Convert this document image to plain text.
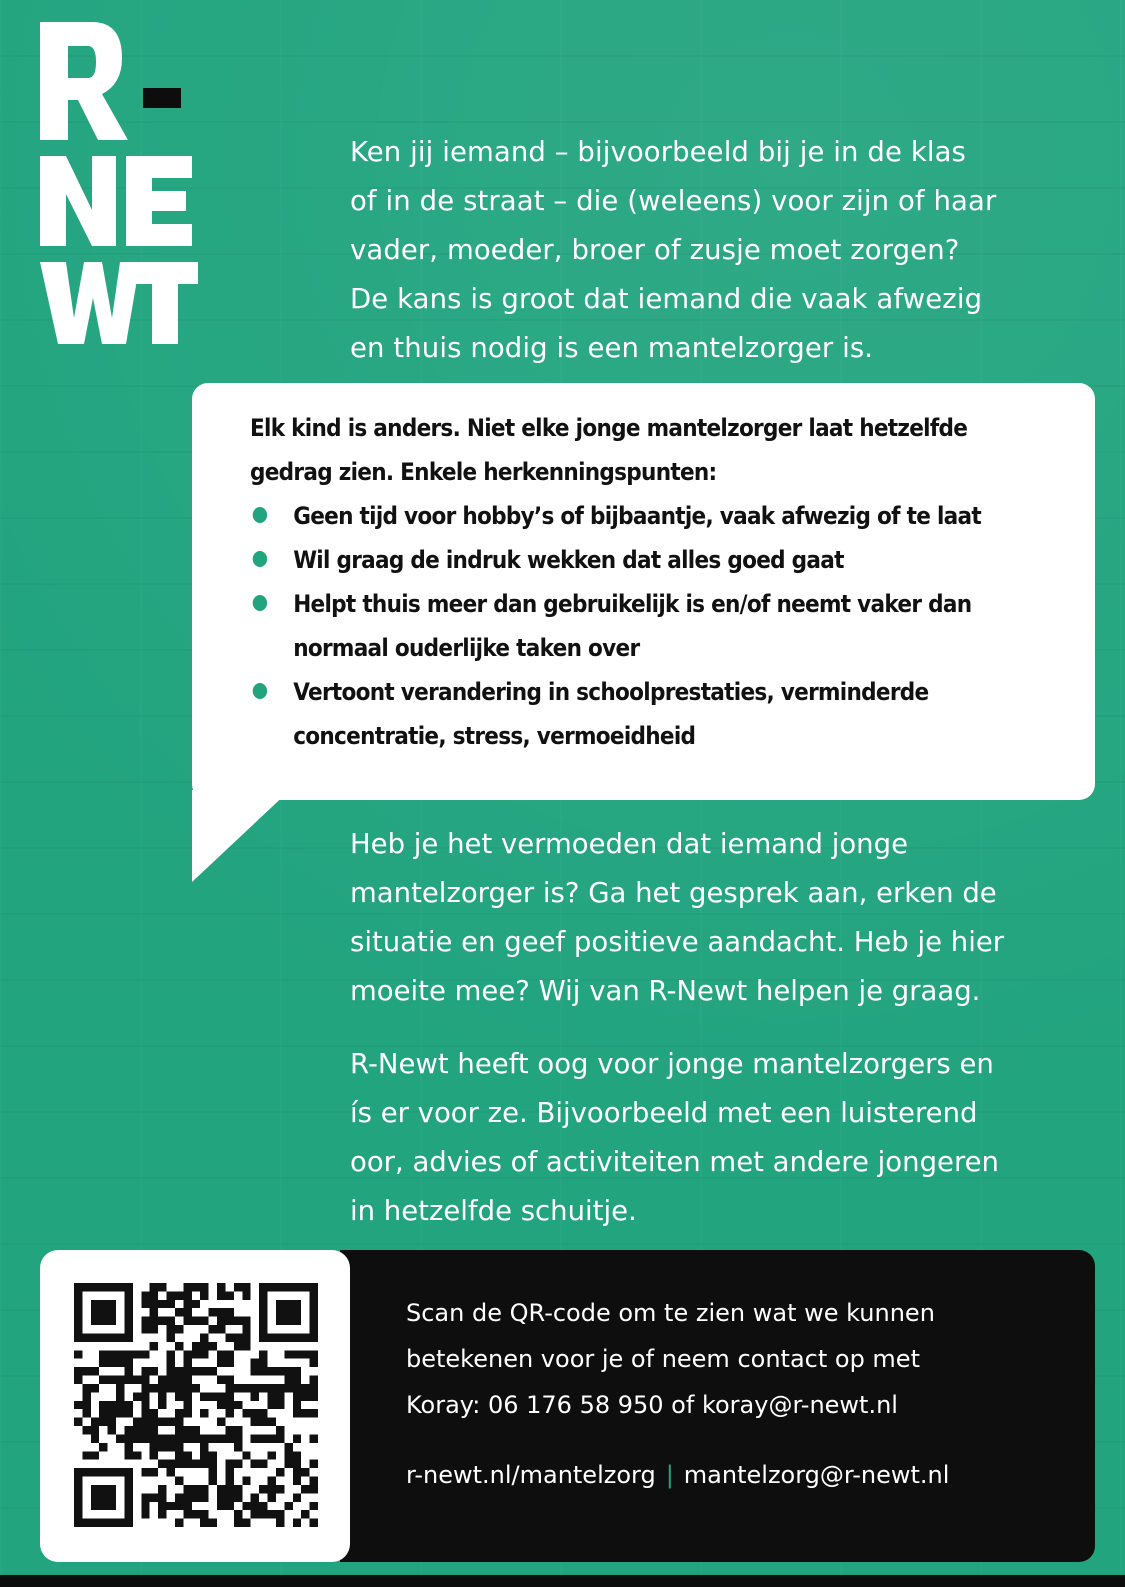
Ken jij iemand – bijvoorbeeld bij je in de klas
of in de straat – die (weleens) voor zijn of haar
vader, moeder, broer of zusje moet zorgen?
De kans is groot dat iemand die vaak afwezig
en thuis nodig is een mantelzorger is.

Elk kind is anders. Niet elke jonge mantelzorger laat hetzelfde

gedrag zien. Enkele herkenningspunten:

Geen tijd voor hobby’s of bijbaantje, vaak afwezig of te laat
Wil graag de indruk wekken dat alles goed gaat
Helpt thuis meer dan gebruikelijk is en/of neemt vaker dan
normaal ouderlijke taken over
Vertoont verandering in schoolprestaties, verminderde
concentratie, stress, vermoeidheid
Heb je het vermoeden dat iemand jonge
mantelzorger is? Ga het gesprek aan, erken de
situatie en geef positieve aandacht. Heb je hier
moeite mee? Wij van R-Newt helpen je graag.
R-Newt heeft oog voor jonge mantelzorgers en
ís er voor ze. Bijvoorbeeld met een luisterend
oor, advies of activiteiten met andere jongeren
in hetzelfde schuitje.
Scan de QR-code om te zien wat we kunnen
betekenen voor je of neem contact op met
Koray: 06 176 58 950 of koray@r-newt.nl
r-newt.nl/mantelzorg | mantelzorg@r-newt.nl
